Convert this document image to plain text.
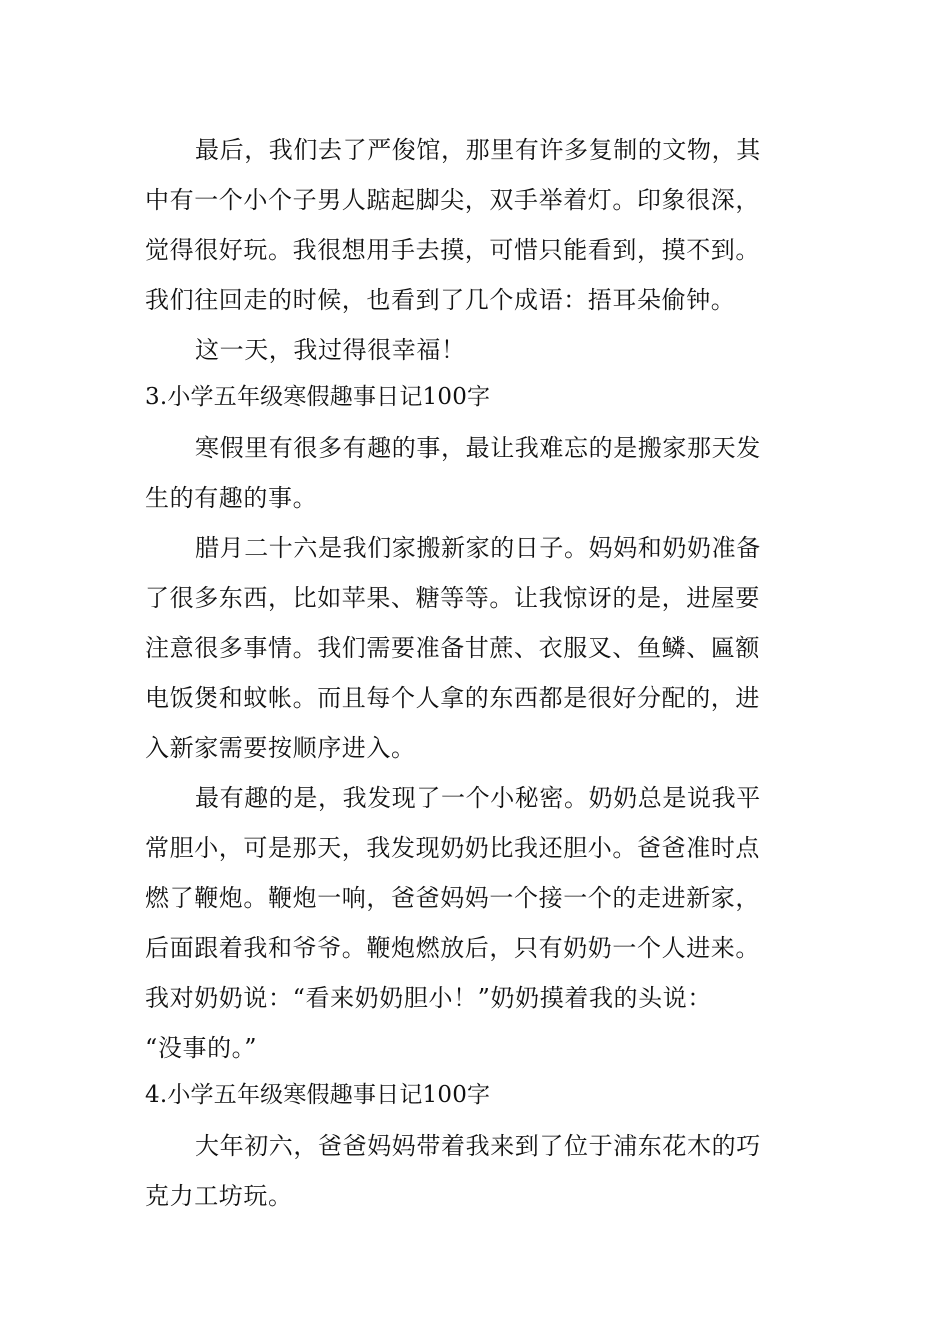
最后，我们去了严俊馆，那里有许多复制的文物，其
中有一个小个子男人踮起脚尖，双手举着灯。印象很深，
觉得很好玩。我很想用手去摸，可惜只能看到，摸不到。
我们往回走的时候，也看到了几个成语：捂耳朵偷钟。
这一天，我过得很幸福！
3.小学五年级寒假趣事日记100字
寒假里有很多有趣的事，最让我难忘的是搬家那天发
生的有趣的事。
腊月二十六是我们家搬新家的日子。妈妈和奶奶准备
了很多东西，比如苹果、糖等等。让我惊讶的是，进屋要
注意很多事情。我们需要准备甘蔗、衣服叉、鱼鳞、匾额
电饭煲和蚊帐。而且每个人拿的东西都是很好分配的，进
入新家需要按顺序进入。
最有趣的是，我发现了一个小秘密。奶奶总是说我平
常胆小，可是那天，我发现奶奶比我还胆小。爸爸准时点
燃了鞭炮。鞭炮一响，爸爸妈妈一个接一个的走进新家，
后面跟着我和爷爷。鞭炮燃放后，只有奶奶一个人进来。
我对奶奶说：“看来奶奶胆小！”奶奶摸着我的头说：
“没事的。”
4.小学五年级寒假趣事日记100字
大年初六，爸爸妈妈带着我来到了位于浦东花木的巧
克力工坊玩。
